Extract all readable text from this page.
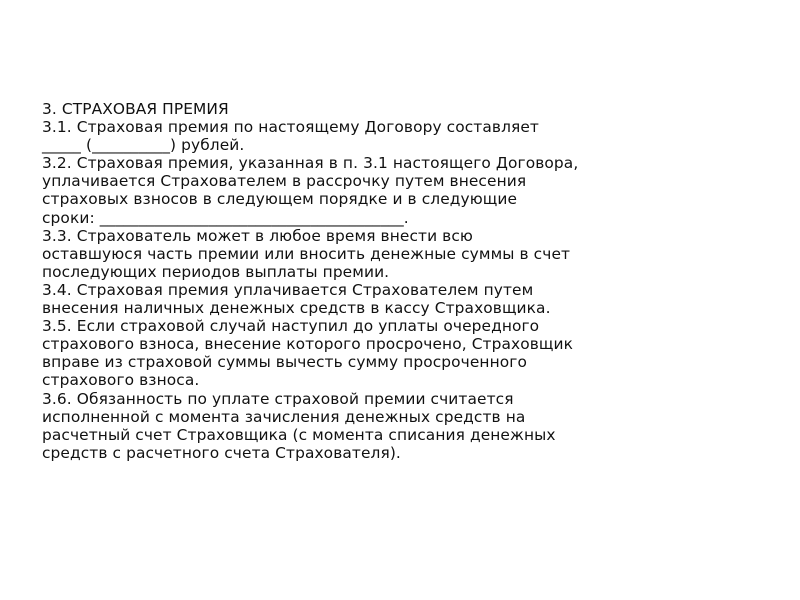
3. СТРАХОВАЯ ПРЕМИЯ
3.1. Страховая премия по настоящему Договору составляет
_____ (__________) рублей.
3.2. Страховая премия, указанная в п. 3.1 настоящего Договора,
уплачивается Страхователем в рассрочку путем внесения
страховых взносов в следующем порядке и в следующие
сроки: _______________________________________.
3.3. Страхователь может в любое время внести всю
оставшуюся часть премии или вносить денежные суммы в счет
последующих периодов выплаты премии.
3.4. Страховая премия уплачивается Страхователем путем
внесения наличных денежных средств в кассу Страховщика.
3.5. Если страховой случай наступил до уплаты очередного
страхового взноса, внесение которого просрочено, Страховщик
вправе из страховой суммы вычесть сумму просроченного
страхового взноса.
3.6. Обязанность по уплате страховой премии считается
исполненной с момента зачисления денежных средств на
расчетный счет Страховщика (с момента списания денежных
средств с расчетного счета Страхователя).
